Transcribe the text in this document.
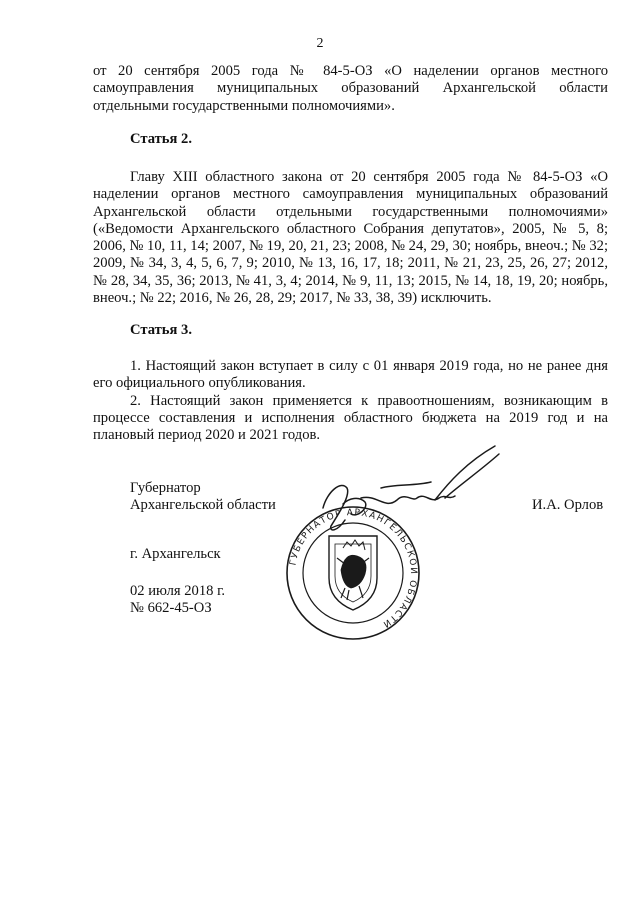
2

от 20 сентября 2005 года № 84-5-ОЗ «О наделении органов местного самоуправления муниципальных образований Архангельской области отдельными государственными полномочиями».

Статья 2.

Главу XIII областного закона от 20 сентября 2005 года № 84-5-ОЗ «О наделении органов местного самоуправления муниципальных образований Архангельской области отдельными государственными полномочиями» («Ведомости Архангельского областного Собрания депутатов», 2005, № 5, 8; 2006, № 10, 11, 14; 2007, № 19, 20, 21, 23; 2008, № 24, 29, 30; ноябрь, внеоч.; № 32; 2009, № 34, 3, 4, 5, 6, 7, 9; 2010, № 13, 16, 17, 18; 2011, № 21, 23, 25, 26, 27; 2012, № 28, 34, 35, 36; 2013, № 41, 3, 4; 2014, № 9, 11, 13; 2015, № 14, 18, 19, 20; ноябрь, внеоч.; № 22; 2016, № 26, 28, 29; 2017, № 33, 38, 39) исключить.

Статья 3.

1. Настоящий закон вступает в силу с 01 января 2019 года, но не ранее дня его официального опубликования.

2. Настоящий закон применяется к правоотношениям, возникающим в процессе составления и исполнения областного бюджета на 2019 год и на плановый период 2020 и 2021 годов.

Губернатор
Архангельской области	И.А. Орлов
г. Архангельск
02 июля 2018 г.
№ 662-45-ОЗ
ГУБЕРНАТОР АРХАНГЕЛЬСКОЙ ОБЛАСТИ
